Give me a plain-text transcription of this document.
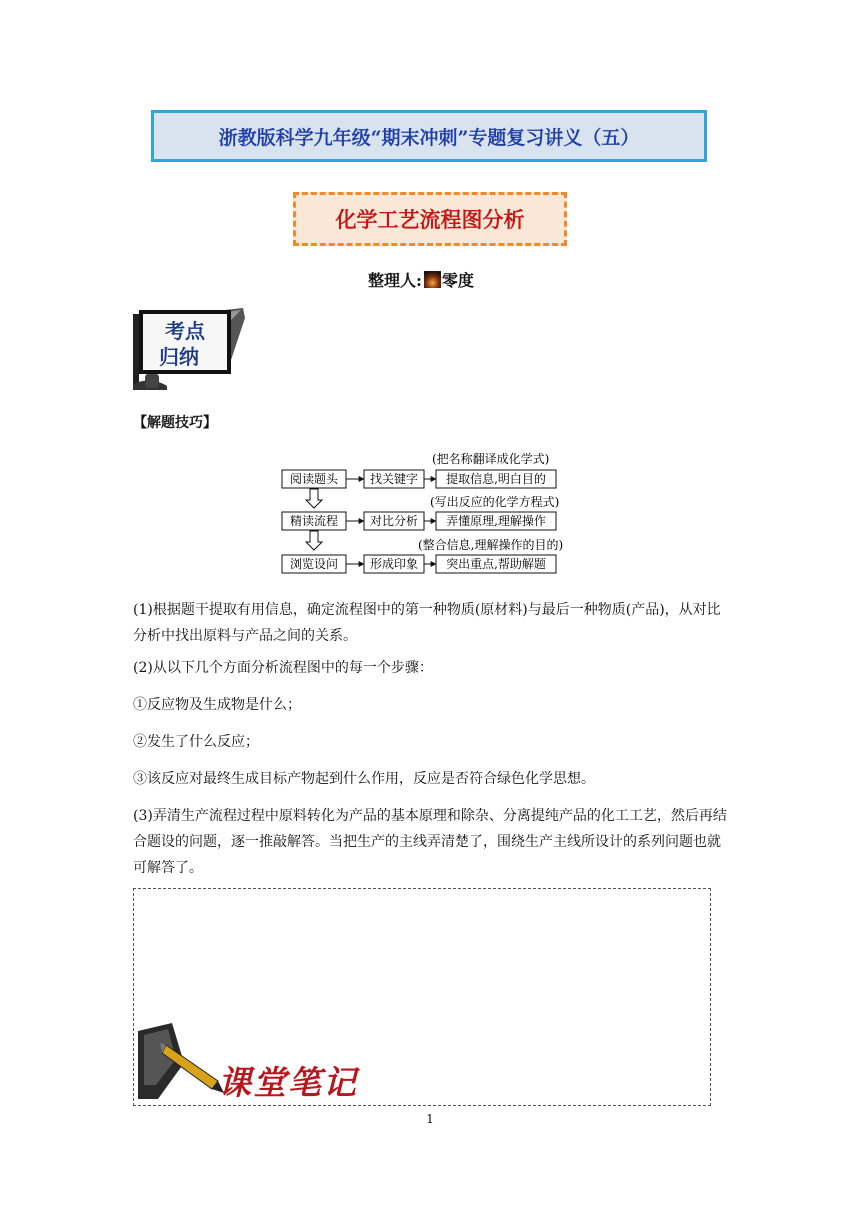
浙教版科学九年级“期末冲刺”专题复习讲义（五）
化学工艺流程图分析
整理人: 零度
考点
归纳
【解题技巧】
(把名称翻译成化学式)
(写出反应的化学方程式)
(整合信息,理解操作的目的)
阅读题头	找关键字 提取信息,明白目的
精读流程	对比分析 弄懂原理,理解操作
浏览设问	形成印象 突出重点,帮助解题

(1)根据题干提取有用信息，确定流程图中的第一种物质(原材料)与最后一种物质(产品)，从对比分析中找出原料与产品之间的关系。

(2)从以下几个方面分析流程图中的每一个步骤：

①反应物及生成物是什么；

②发生了什么反应；

③该反应对最终生成目标产物起到什么作用，反应是否符合绿色化学思想。

(3)弄清生产流程过程中原料转化为产品的基本原理和除杂、分离提纯产品的化工工艺，然后再结合题设的问题，逐一推敲解答。当把生产的主线弄清楚了，围绕生产主线所设计的系列问题也就可解答了。

课堂笔记
1
